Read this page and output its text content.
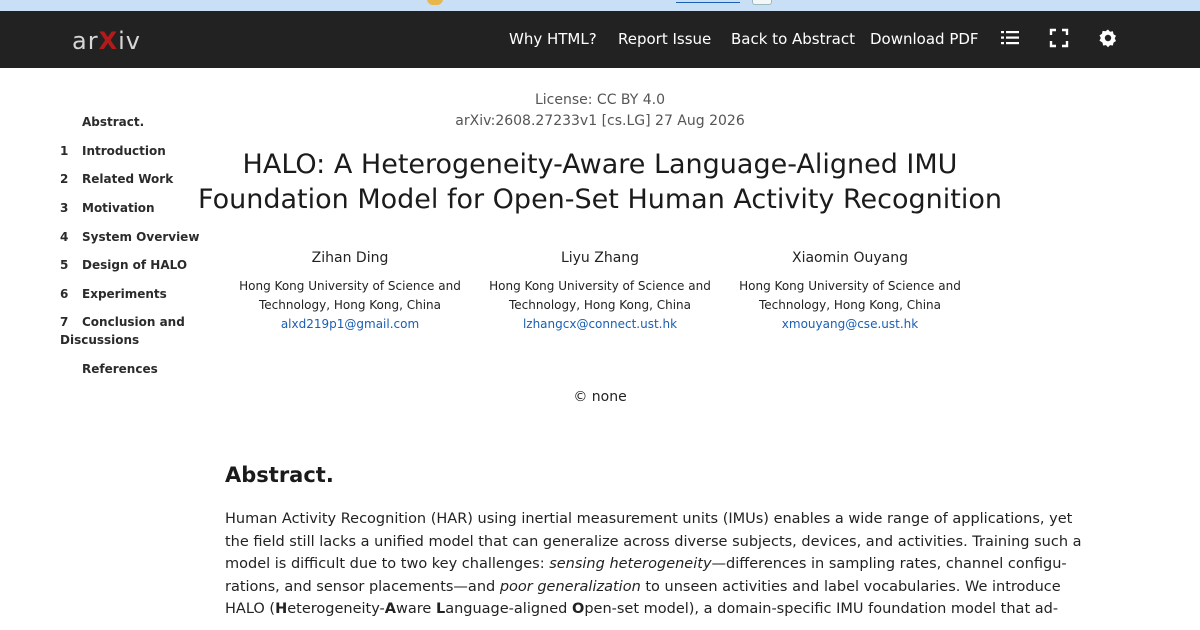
arXiv	Why HTML? Report Issue Back to Abstract Download PDF
Abstract.
1 Introduction
2 Related Work
3 Motivation
4 System Overview
5 Design of HALO
6 Experiments
7 Conclusion and
Discussions
References
License: CC BY 4.0
arXiv:2608.27233v1 [cs.LG] 27 Aug 2026
HALO: A Heterogeneity-Aware Language-Aligned IMU
Foundation Model for Open-Set Human Activity Recognition
Zihan Ding
Hong Kong University of Science and
Technology, Hong Kong, China
alxd219p1@gmail.com
Liyu Zhang
Hong Kong University of Science and
Technology, Hong Kong, China
lzhangcx@connect.ust.hk
Xiaomin Ouyang
Hong Kong University of Science and
Technology, Hong Kong, China
xmouyang@cse.ust.hk
© none
Abstract.
Human Activity Recognition (HAR) using inertial measurement units (IMUs) enables a wide range of applications, yet
the field still lacks a unified model that can generalize across diverse subjects, devices, and activities. Training such a
model is difficult due to two key challenges: sensing heterogeneity—differences in sampling rates, channel configu-
rations, and sensor placements—and poor generalization to unseen activities and label vocabularies. We introduce
HALO (Heterogeneity-Aware Language-aligned Open-set model), a domain-specific IMU foundation model that ad-
